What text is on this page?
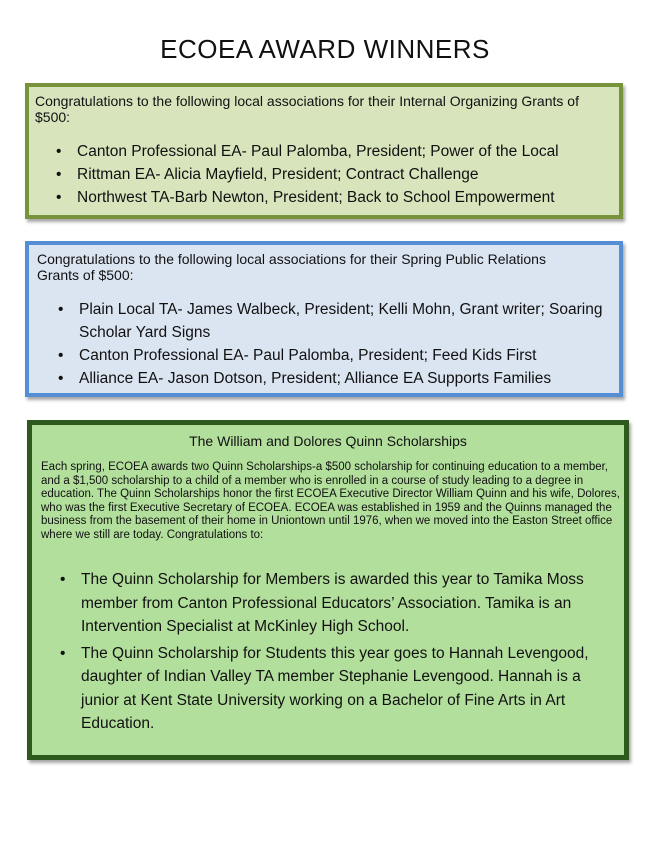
ECOEA AWARD WINNERS
Congratulations to the following local associations for their Internal Organizing Grants of $500:
• Canton Professional EA- Paul Palomba, President; Power of the Local
• Rittman EA- Alicia Mayfield, President; Contract Challenge
• Northwest TA-Barb Newton, President; Back to School Empowerment
Congratulations to the following local associations for their Spring Public Relations Grants of $500:
• Plain Local TA- James Walbeck, President; Kelli Mohn, Grant writer; Soaring Scholar Yard Signs
• Canton Professional EA- Paul Palomba, President; Feed Kids First
• Alliance EA- Jason Dotson, President; Alliance EA Supports Families
The William and Dolores Quinn Scholarships
Each spring, ECOEA awards two Quinn Scholarships-a $500 scholarship for continuing education to a member, and a $1,500 scholarship to a child of a member who is enrolled in a course of study leading to a degree in education. The Quinn Scholarships honor the first ECOEA Executive Director William Quinn and his wife, Dolores, who was the first Executive Secretary of ECOEA. ECOEA was established in 1959 and the Quinns managed the business from the basement of their home in Uniontown until 1976, when we moved into the Easton Street office where we still are today. Congratulations to:
• The Quinn Scholarship for Members is awarded this year to Tamika Moss member from Canton Professional Educators’ Association. Tamika is an Intervention Specialist at McKinley High School.
• The Quinn Scholarship for Students this year goes to Hannah Levengood, daughter of Indian Valley TA member Stephanie Levengood. Hannah is a junior at Kent State University working on a Bachelor of Fine Arts in Art Education.
